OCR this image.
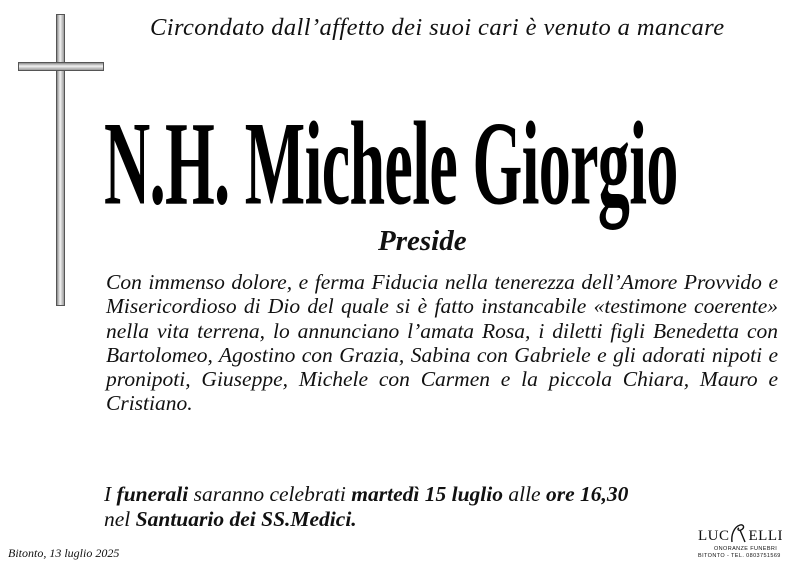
Circondato dall’affetto dei suoi cari è venuto a mancare
N.H. Michele Giorgio
Preside

Con immenso dolore, e ferma Fiducia nella tenerezza dell’Amore Provvido e Misericordioso di Dio del quale si è fatto instancabile «testimone coerente» nella vita terrena, lo annunciano l’amata Rosa, i diletti figli Benedetta con Bartolomeo, Agostino con Grazia, Sabina con Gabriele e gli adorati nipoti e pronipoti, Giuseppe, Michele con Carmen e la piccola Chiara, Mauro e Cristiano.

I funerali saranno celebrati martedì 15 luglio alle ore 16,30
nel Santuario dei SS.Medici.
Bitonto, 13 luglio 2025
LUC ELLI
ONORANZE FUNEBRI
BITONTO - TEL. 0803751569
